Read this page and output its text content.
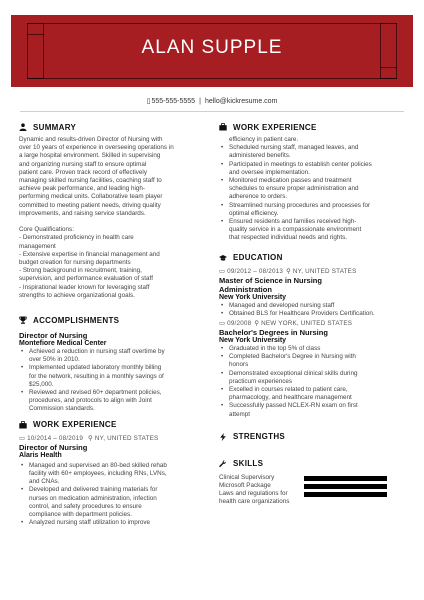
ALAN SUPPLE
▯555-555-5555 | hello@kickresume.com
SUMMARY
Dynamic and results-driven Director of Nursing with
over 10 years of experience in overseeing operations in
a large hospital environment. Skilled in supervising
and organizing nursing staff to ensure optimal
patient care. Proven track record of effectively
managing skilled nursing facilities, coaching staff to
achieve peak performance, and leading high-
performing medical units. Collaborative team player
committed to meeting patient needs, driving quality
improvements, and raising service standards.

Core Qualifications:
- Demonstrated proficiency in health care
management
- Extensive expertise in financial management and
budget creation for nursing departments
- Strong background in recruitment, training,
supervision, and performance evaluation of staff
- Inspirational leader known for leveraging staff
strengths to achieve organizational goals.
ACCOMPLISHMENTS
Director of Nursing
Montefiore Medical Center
• Achieved a reduction in nursing staff overtime by
over 50% in 2010.
• Implemented updated laboratory monthly billing
for the network, resulting in a monthly savings of
$25,000.
• Reviewed and revised 60+ department policies,
procedures, and protocols to align with Joint
Commission standards.
WORK EXPERIENCE
▭ 10/2014 – 08/2019 ⚲ NY, UNITED STATES
Director of Nursing
Alaris Health
• Managed and supervised an 80-bed skilled rehab
facility with 60+ employees, including RNs, LVNs,
and CNAs.
• Developed and delivered training materials for
nurses on medication administration, infection
control, and safety procedures to ensure
compliance with department policies.
• Analyzed nursing staff utilization to improve
WORK EXPERIENCE
efficiency in patient care.
• Scheduled nursing staff, managed leaves, and
administered benefits.
• Participated in meetings to establish center policies
and oversee implementation.
• Monitored medication passes and treatment
schedules to ensure proper administration and
adherence to orders.
• Streamlined nursing procedures and processes for
optimal efficiency.
• Ensured residents and families received high-
quality service in a compassionate environment
that respected individual needs and rights.
EDUCATION
▭ 09/2012 – 08/2013 ⚲ NY, UNITED STATES
Master of Science in Nursing
Administration
New York University
• Managed and developed nursing staff
• Obtained BLS for Healthcare Providers Certification.
▭ 09/2008 ⚲ NEW YORK, UNITED STATES
Bachelor's Degrees in Nursing
New York University
• Graduated in the top 5% of class
• Completed Bachelor's Degree in Nursing with
honors
• Demonstrated exceptional clinical skills during
practicum experiences
• Excelled in courses related to patient care,
pharmacology, and healthcare management
• Successfully passed NCLEX-RN exam on first
attempt
STRENGTHS
SKILLS
Clinical Supervisory
Microsoft Package
Laws and regulations for
health care organizations
